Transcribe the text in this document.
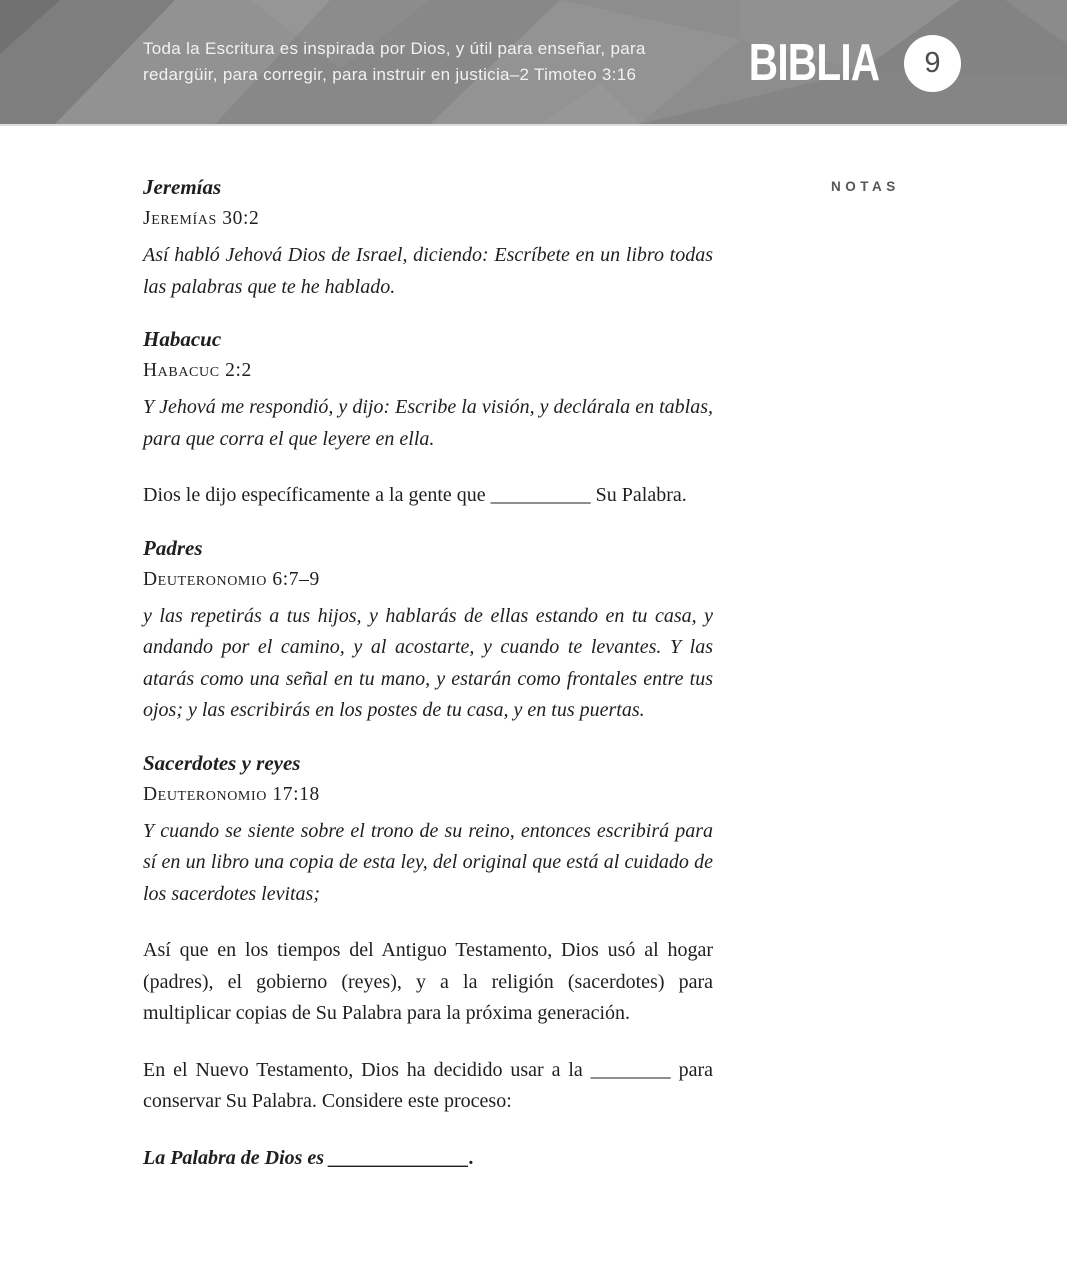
Toda la Escritura es inspirada por Dios, y útil para enseñar, para
redargüir, para corregir, para instruir en justicia–2 Timoteo 3:16 BIBLIA 9
Jeremías

Jeremías 30:2

Así habló Jehová Dios de Israel, diciendo: Escríbete en un libro todas las palabras que te he hablado.

Habacuc

Habacuc 2:2

Y Jehová me respondió, y dijo: Escribe la visión, y declárala en tablas, para que corra el que leyere en ella.

Dios le dijo específicamente a la gente que __________ Su Palabra.

Padres

Deuteronomio 6:7–9

y las repetirás a tus hijos, y hablarás de ellas estando en tu casa, y andando por el camino, y al acostarte, y cuando te levantes. Y las atarás como una señal en tu mano, y estarán como frontales entre tus ojos; y las escribirás en los postes de tu casa, y en tus puertas.

Sacerdotes y reyes

Deuteronomio 17:18

Y cuando se siente sobre el trono de su reino, entonces escribirá para sí en un libro una copia de esta ley, del original que está al cuidado de los sacerdotes levitas;

Así que en los tiempos del Antiguo Testamento, Dios usó al hogar (padres), el gobierno (reyes), y a la religión (sacerdotes) para multiplicar copias de Su Palabra para la próxima generación.

En el Nuevo Testamento, Dios ha decidido usar a la ________ para conservar Su Palabra. Considere este proceso:

La Palabra de Dios es ______________.

NOTAS
